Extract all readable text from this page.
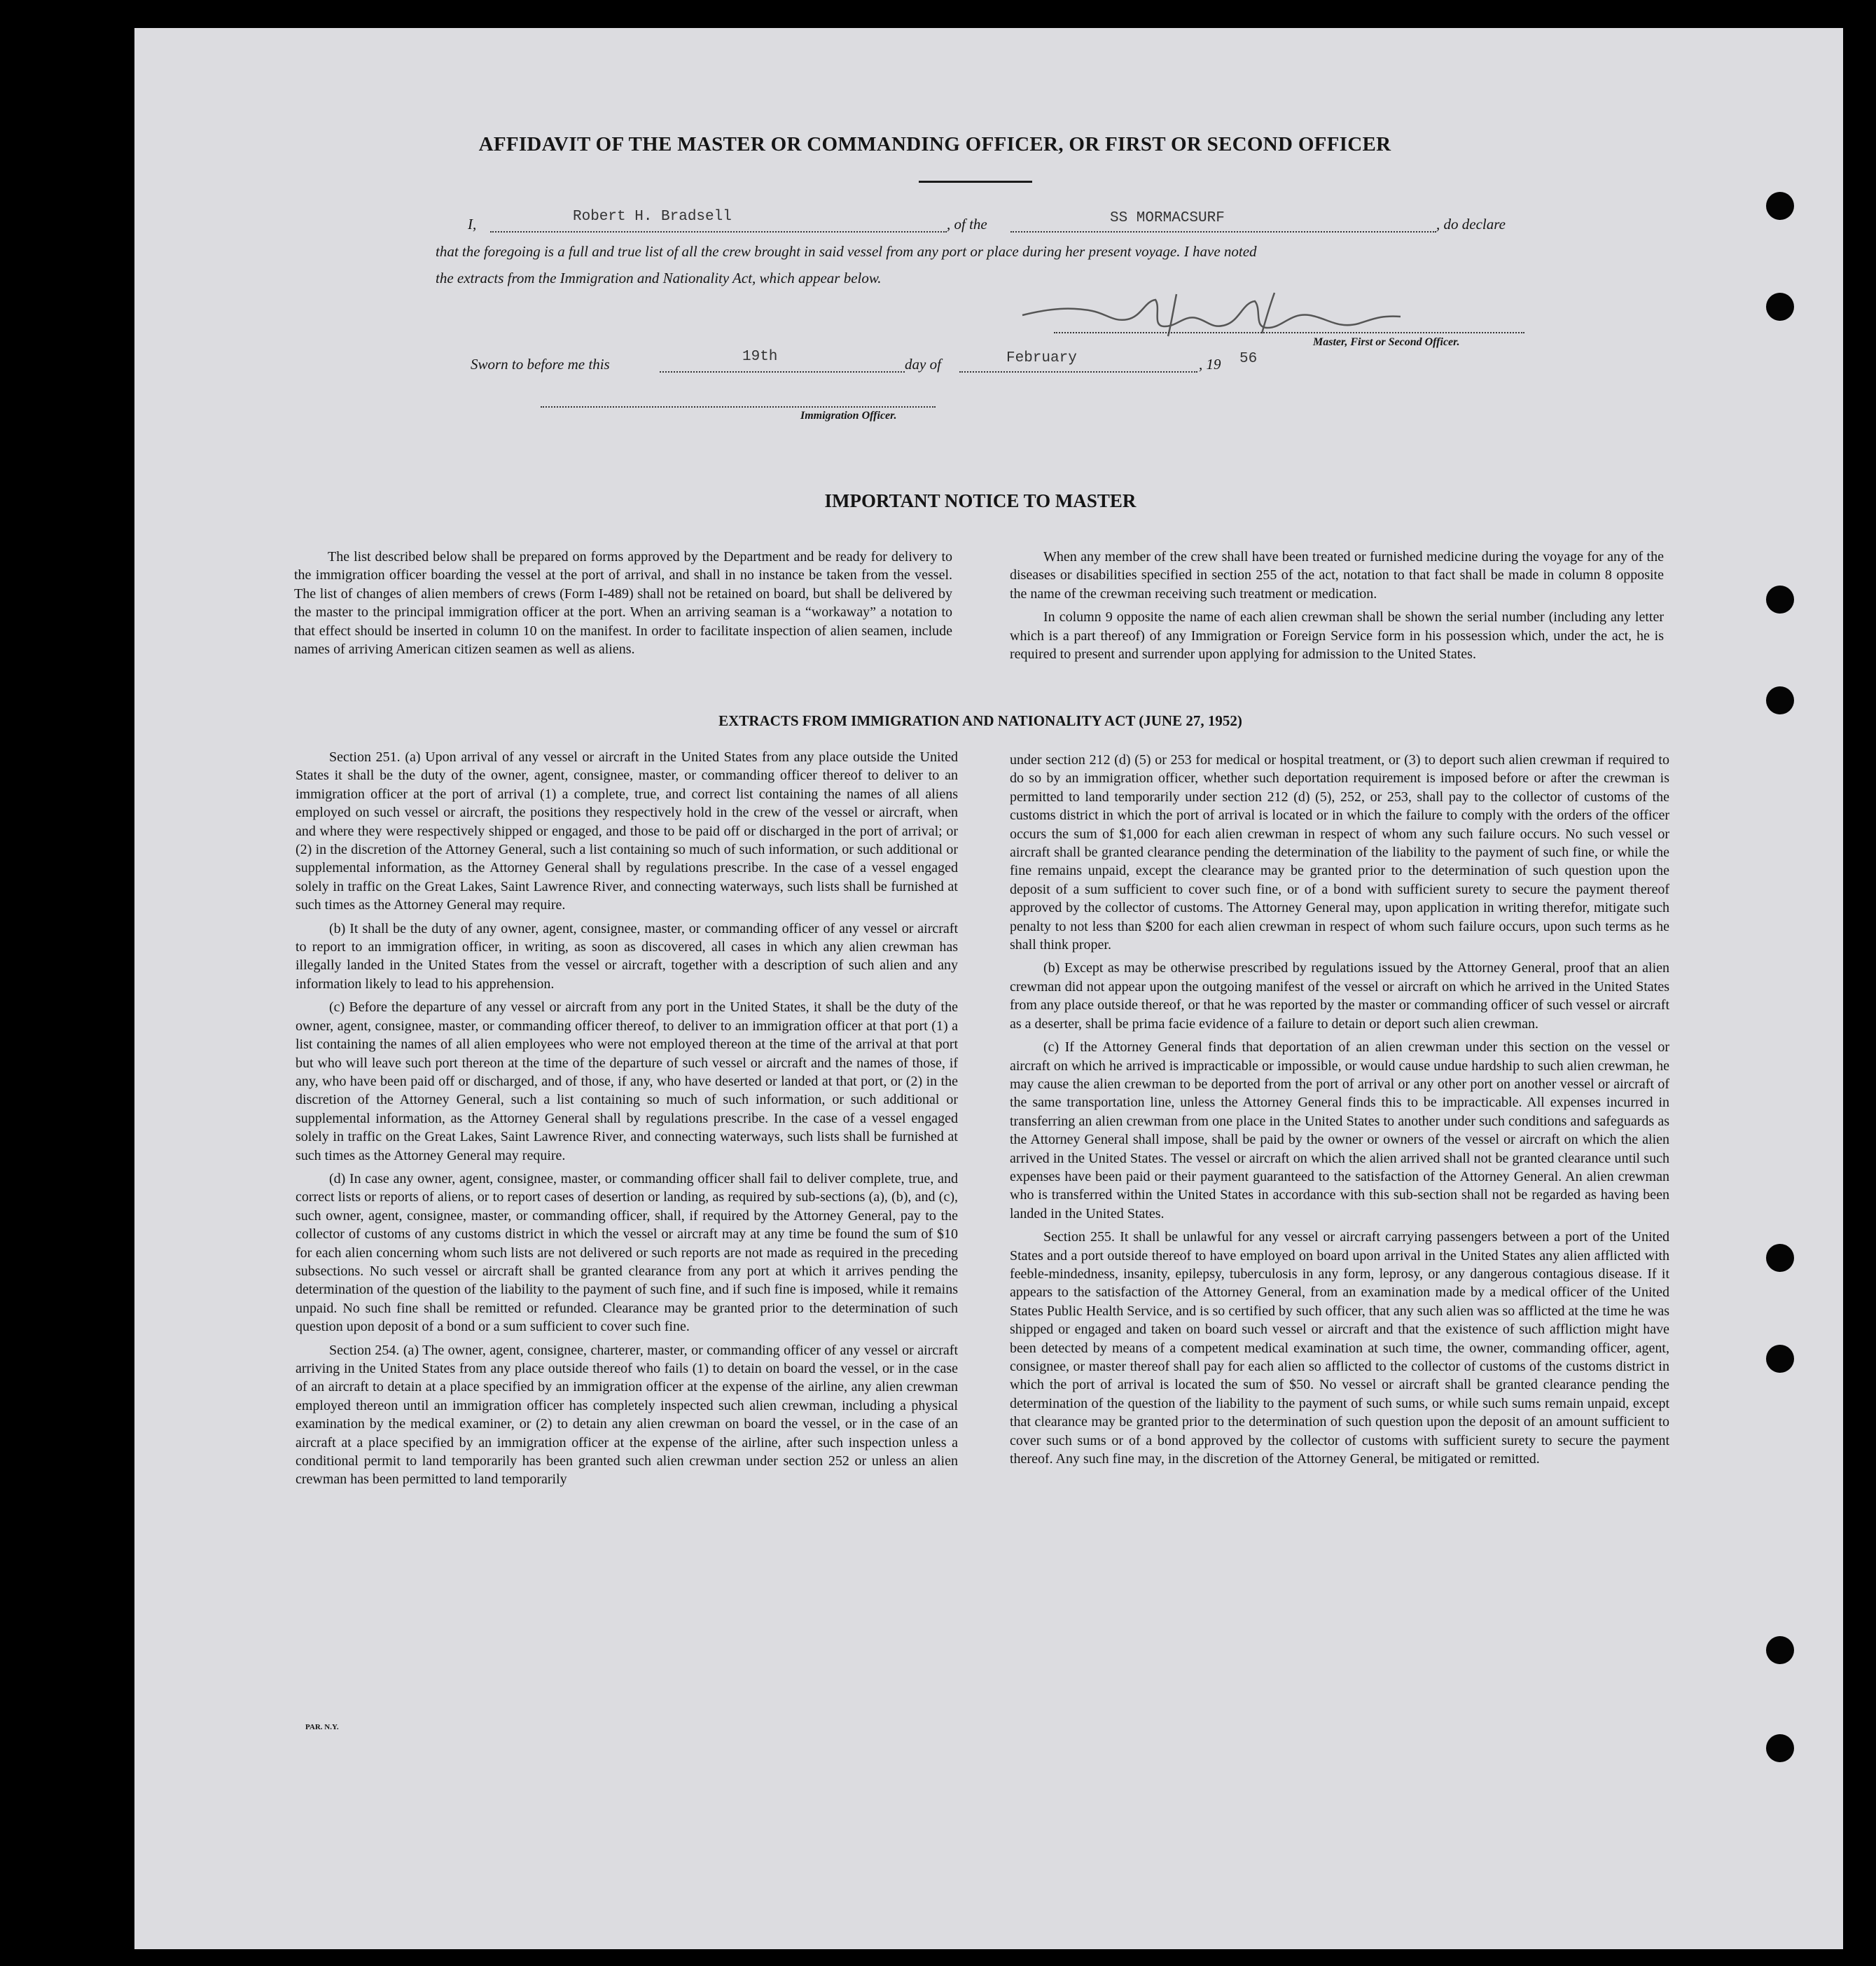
AFFIDAVIT OF THE MASTER OR COMMANDING OFFICER, OR FIRST OR SECOND OFFICER
I,	Robert H. Bradsell	, of the	SS MORMACSURF	, do declare
that the foregoing is a full and true list of all the crew brought in said vessel from any port or place during her present voyage. I have noted
the extracts from the Immigration and Nationality Act, which appear below.
Master, First or Second Officer.
Sworn to before me this	19th	day of	February	, 19 56
Immigration Officer.
IMPORTANT NOTICE TO MASTER

The list described below shall be prepared on forms approved by the Department and be ready for delivery to the immigration officer boarding the vessel at the port of arrival, and shall in no instance be taken from the vessel. The list of changes of alien members of crews (Form I-489) shall not be retained on board, but shall be delivered by the master to the principal immigration officer at the port. When an arriving seaman is a “workaway” a notation to that effect should be inserted in column 10 on the manifest. In order to facilitate inspection of alien seamen, include names of arriving American citizen seamen as well as aliens.

When any member of the crew shall have been treated or furnished medicine during the voyage for any of the diseases or disabilities specified in section 255 of the act, notation to that fact shall be made in column 8 opposite the name of the crewman receiving such treatment or medication.

In column 9 opposite the name of each alien crewman shall be shown the serial number (including any letter which is a part thereof) of any Immigration or Foreign Service form in his possession which, under the act, he is required to present and surrender upon applying for admission to the United States.

EXTRACTS FROM IMMIGRATION AND NATIONALITY ACT (JUNE 27, 1952)

Section 251. (a) Upon arrival of any vessel or aircraft in the United States from any place outside the United States it shall be the duty of the owner, agent, consignee, master, or commanding officer thereof to deliver to an immigration officer at the port of arrival (1) a complete, true, and correct list containing the names of all aliens employed on such vessel or aircraft, the positions they respectively hold in the crew of the vessel or aircraft, when and where they were respectively shipped or engaged, and those to be paid off or discharged in the port of arrival; or (2) in the discretion of the Attorney General, such a list containing so much of such information, or such additional or supplemental information, as the Attorney General shall by regulations prescribe. In the case of a vessel engaged solely in traffic on the Great Lakes, Saint Lawrence River, and connecting waterways, such lists shall be furnished at such times as the Attorney General may require.

(b) It shall be the duty of any owner, agent, consignee, master, or commanding officer of any vessel or aircraft to report to an immigration officer, in writing, as soon as discovered, all cases in which any alien crewman has illegally landed in the United States from the vessel or aircraft, together with a description of such alien and any information likely to lead to his apprehension.

(c) Before the departure of any vessel or aircraft from any port in the United States, it shall be the duty of the owner, agent, consignee, master, or commanding officer thereof, to deliver to an immigration officer at that port (1) a list containing the names of all alien employees who were not employed thereon at the time of the arrival at that port but who will leave such port thereon at the time of the departure of such vessel or aircraft and the names of those, if any, who have been paid off or discharged, and of those, if any, who have deserted or landed at that port, or (2) in the discretion of the Attorney General, such a list containing so much of such information, or such additional or supplemental information, as the Attorney General shall by regulations prescribe. In the case of a vessel engaged solely in traffic on the Great Lakes, Saint Lawrence River, and connecting waterways, such lists shall be furnished at such times as the Attorney General may require.

(d) In case any owner, agent, consignee, master, or commanding officer shall fail to deliver complete, true, and correct lists or reports of aliens, or to report cases of desertion or landing, as required by sub-sections (a), (b), and (c), such owner, agent, consignee, master, or commanding officer, shall, if required by the Attorney General, pay to the collector of customs of any customs district in which the vessel or aircraft may at any time be found the sum of $10 for each alien concerning whom such lists are not delivered or such reports are not made as required in the preceding subsections. No such vessel or aircraft shall be granted clearance from any port at which it arrives pending the determination of the question of the liability to the payment of such fine, and if such fine is imposed, while it remains unpaid. No such fine shall be remitted or refunded. Clearance may be granted prior to the determination of such question upon deposit of a bond or a sum sufficient to cover such fine.

Section 254. (a) The owner, agent, consignee, charterer, master, or commanding officer of any vessel or aircraft arriving in the United States from any place outside thereof who fails (1) to detain on board the vessel, or in the case of an aircraft to detain at a place specified by an immigration officer at the expense of the airline, any alien crewman employed thereon until an immigration officer has completely inspected such alien crewman, including a physical examination by the medical examiner, or (2) to detain any alien crewman on board the vessel, or in the case of an aircraft at a place specified by an immigration officer at the expense of the airline, after such inspection unless a conditional permit to land temporarily has been granted such alien crewman under section 252 or unless an alien crewman has been permitted to land temporarily

under section 212 (d) (5) or 253 for medical or hospital treatment, or (3) to deport such alien crewman if required to do so by an immigration officer, whether such deportation requirement is imposed before or after the crewman is permitted to land temporarily under section 212 (d) (5), 252, or 253, shall pay to the collector of customs of the customs district in which the port of arrival is located or in which the failure to comply with the orders of the officer occurs the sum of $1,000 for each alien crewman in respect of whom any such failure occurs. No such vessel or aircraft shall be granted clearance pending the determination of the liability to the payment of such fine, or while the fine remains unpaid, except the clearance may be granted prior to the determination of such question upon the deposit of a sum sufficient to cover such fine, or of a bond with sufficient surety to secure the payment thereof approved by the collector of customs. The Attorney General may, upon application in writing therefor, mitigate such penalty to not less than $200 for each alien crewman in respect of whom such failure occurs, upon such terms as he shall think proper.

(b) Except as may be otherwise prescribed by regulations issued by the Attorney General, proof that an alien crewman did not appear upon the outgoing manifest of the vessel or aircraft on which he arrived in the United States from any place outside thereof, or that he was reported by the master or commanding officer of such vessel or aircraft as a deserter, shall be prima facie evidence of a failure to detain or deport such alien crewman.

(c) If the Attorney General finds that deportation of an alien crewman under this section on the vessel or aircraft on which he arrived is impracticable or impossible, or would cause undue hardship to such alien crewman, he may cause the alien crewman to be deported from the port of arrival or any other port on another vessel or aircraft of the same transportation line, unless the Attorney General finds this to be impracticable. All expenses incurred in transferring an alien crewman from one place in the United States to another under such conditions and safeguards as the Attorney General shall impose, shall be paid by the owner or owners of the vessel or aircraft on which the alien arrived in the United States. The vessel or aircraft on which the alien arrived shall not be granted clearance until such expenses have been paid or their payment guaranteed to the satisfaction of the Attorney General. An alien crewman who is transferred within the United States in accordance with this sub-section shall not be regarded as having been landed in the United States.

Section 255. It shall be unlawful for any vessel or aircraft carrying passengers between a port of the United States and a port outside thereof to have employed on board upon arrival in the United States any alien afflicted with feeble-mindedness, insanity, epilepsy, tuberculosis in any form, leprosy, or any dangerous contagious disease. If it appears to the satisfaction of the Attorney General, from an examination made by a medical officer of the United States Public Health Service, and is so certified by such officer, that any such alien was so afflicted at the time he was shipped or engaged and taken on board such vessel or aircraft and that the existence of such affliction might have been detected by means of a competent medical examination at such time, the owner, commanding officer, agent, consignee, or master thereof shall pay for each alien so afflicted to the collector of customs of the customs district in which the port of arrival is located the sum of $50. No vessel or aircraft shall be granted clearance pending the determination of the question of the liability to the payment of such sums, or while such sums remain unpaid, except that clearance may be granted prior to the determination of such question upon the deposit of an amount sufficient to cover such sums or of a bond approved by the collector of customs with sufficient surety to secure the payment thereof. Any such fine may, in the discretion of the Attorney General, be mitigated or remitted.

PAR. N.Y.
